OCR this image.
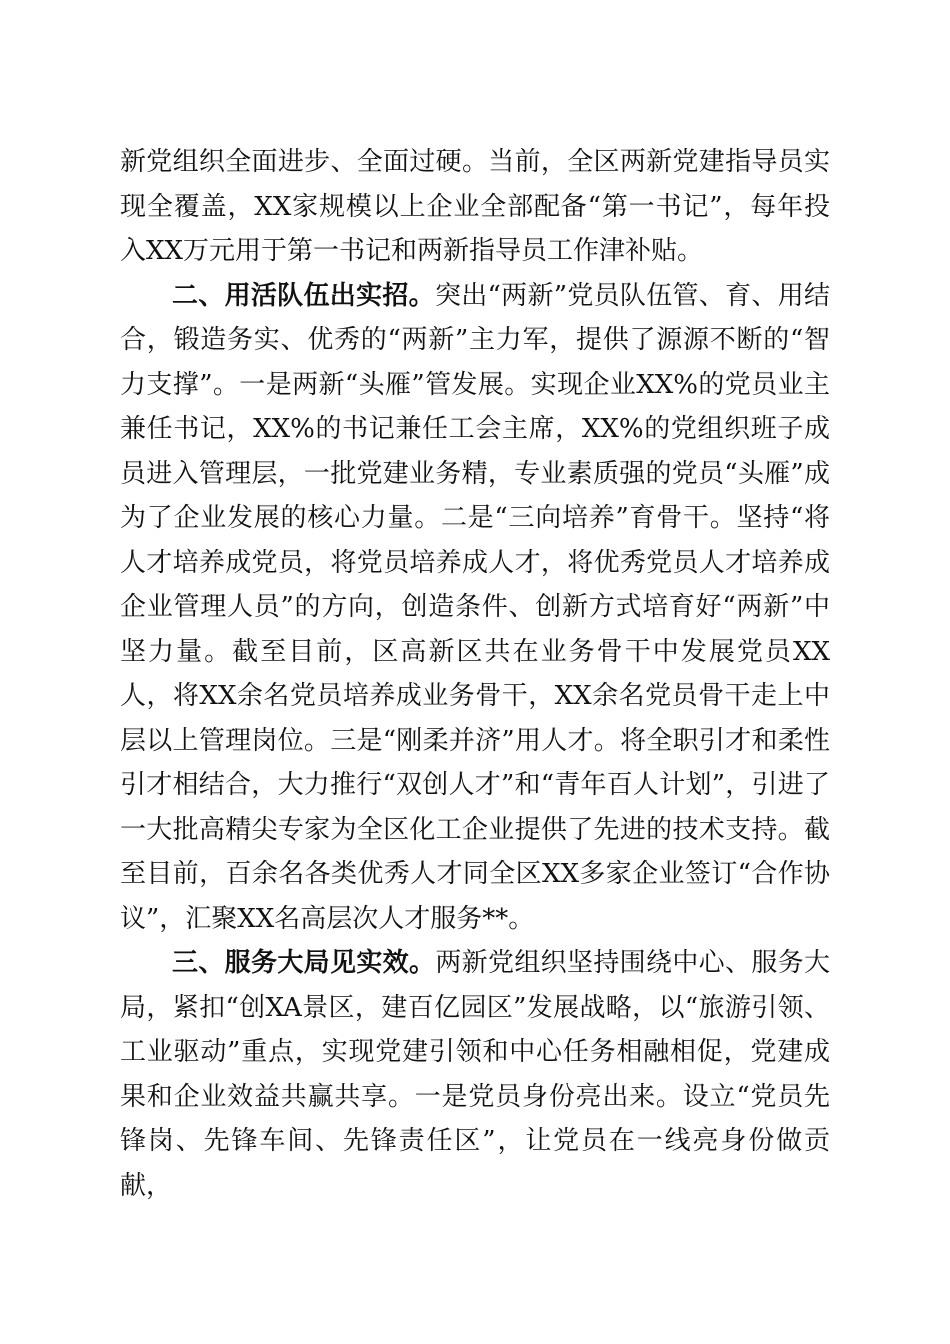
新党组织全面进步、全面过硬。当前，全区两新党建指导员实现全覆盖，XX家规模以上企业全部配备“第一书记”，每年投入XX万元用于第一书记和两新指导员工作津补贴。

二、用活队伍出实招。突出“两新”党员队伍管、育、用结合，锻造务实、优秀的“两新”主力军，提供了源源不断的“智力支撑”。一是两新“头雁”管发展。实现企业XX%的党员业主兼任书记，XX%的书记兼任工会主席，XX%的党组织班子成员进入管理层，一批党建业务精，专业素质强的党员“头雁”成为了企业发展的核心力量。二是“三向培养”育骨干。坚持“将人才培养成党员，将党员培养成人才，将优秀党员人才培养成企业管理人员”的方向，创造条件、创新方式培育好“两新”中坚力量。截至目前，区高新区共在业务骨干中发展党员XX人，将XX余名党员培养成业务骨干，XX余名党员骨干走上中层以上管理岗位。三是“刚柔并济”用人才。将全职引才和柔性引才相结合，大力推行“双创人才”和“青年百人计划”，引进了一大批高精尖专家为全区化工企业提供了先进的技术支持。截至目前，百余名各类优秀人才同全区XX多家企业签订“合作协议”，汇聚XX名高层次人才服务**。

三、服务大局见实效。两新党组织坚持围绕中心、服务大局，紧扣“创XA景区，建百亿园区”发展战略，以“旅游引领、工业驱动”重点，实现党建引领和中心任务相融相促，党建成果和企业效益共赢共享。一是党员身份亮出来。设立“党员先锋岗、先锋车间、先锋责任区”，让党员在一线亮身份做贡献，
